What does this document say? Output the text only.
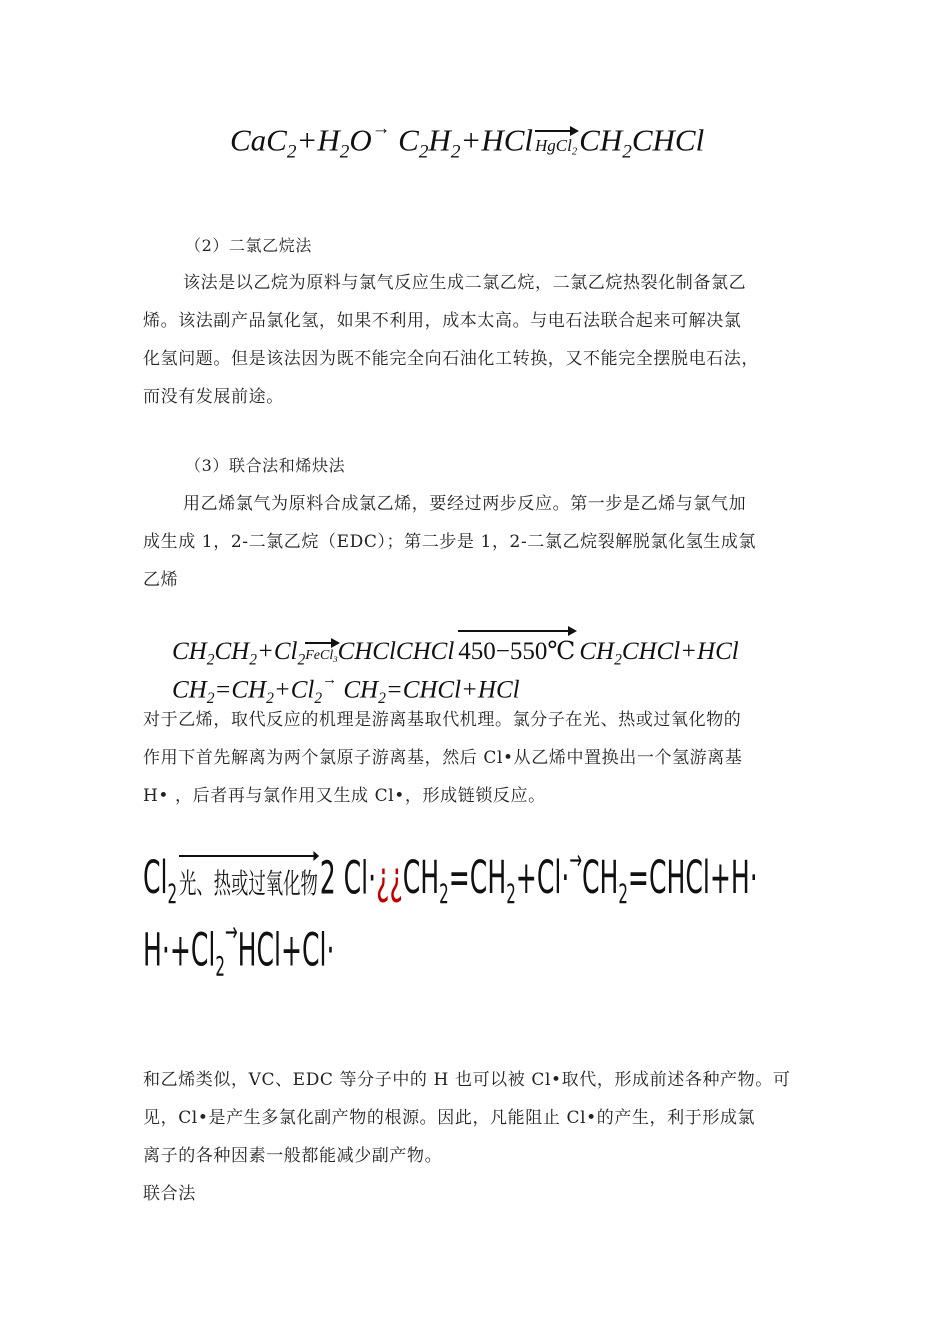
$CaC_2+H_2O\to C_2H_2+HCl$ $HgCl_2CH_2CHCl$
（2）二氯乙烷法
该法是以乙烷为原料与氯气反应生成二氯乙烷，二氯乙烷热裂化制备氯乙
烯。该法副产品氯化氢，如果不利用，成本太高。与电石法联合起来可解决氯
化氢问题。但是该法因为既不能完全向石油化工转换，又不能完全摆脱电石法，
而没有发展前途。
（3）联合法和烯炔法
用乙烯氯气为原料合成氯乙烯，要经过两步反应。第一步是乙烯与氯气加
成生成 1，2-二氯乙烷（EDC）；第二步是 1，2-二氯乙烷裂解脱氯化氢生成氯
乙烯
$CH_2CH_2+Cl_2$
FeCl$_3$CHClCHCl 450−550℃ $CH_2CHCl+HCl$
$CH_2=CH_2+Cl_2\to$ $CH_2=CHCl+HCl$
对于乙烯，取代反应的机理是游离基取代机理。氯分子在光、热或过氧化物的
作用下首先解离为两个氯原子游离基，然后 Cl•从乙烯中置换出一个氢游离基
H• ，后者再与氯作用又生成 Cl•，形成链锁反应。
$Cl_2$
光、热或过氧化物2 $Cl\cdot¿¿CH_2=CH_2+Cl\cdot\to CH_2=CHCl+H\cdot$
$H\cdot+Cl_2\to HCl+Cl\cdot$
和乙烯类似，VC、EDC 等分子中的 H 也可以被 Cl•取代，形成前述各种产物。可
见，Cl•是产生多氯化副产物的根源。因此，凡能阻止 Cl•的产生，利于形成氯
离子的各种因素一般都能减少副产物。
联合法
